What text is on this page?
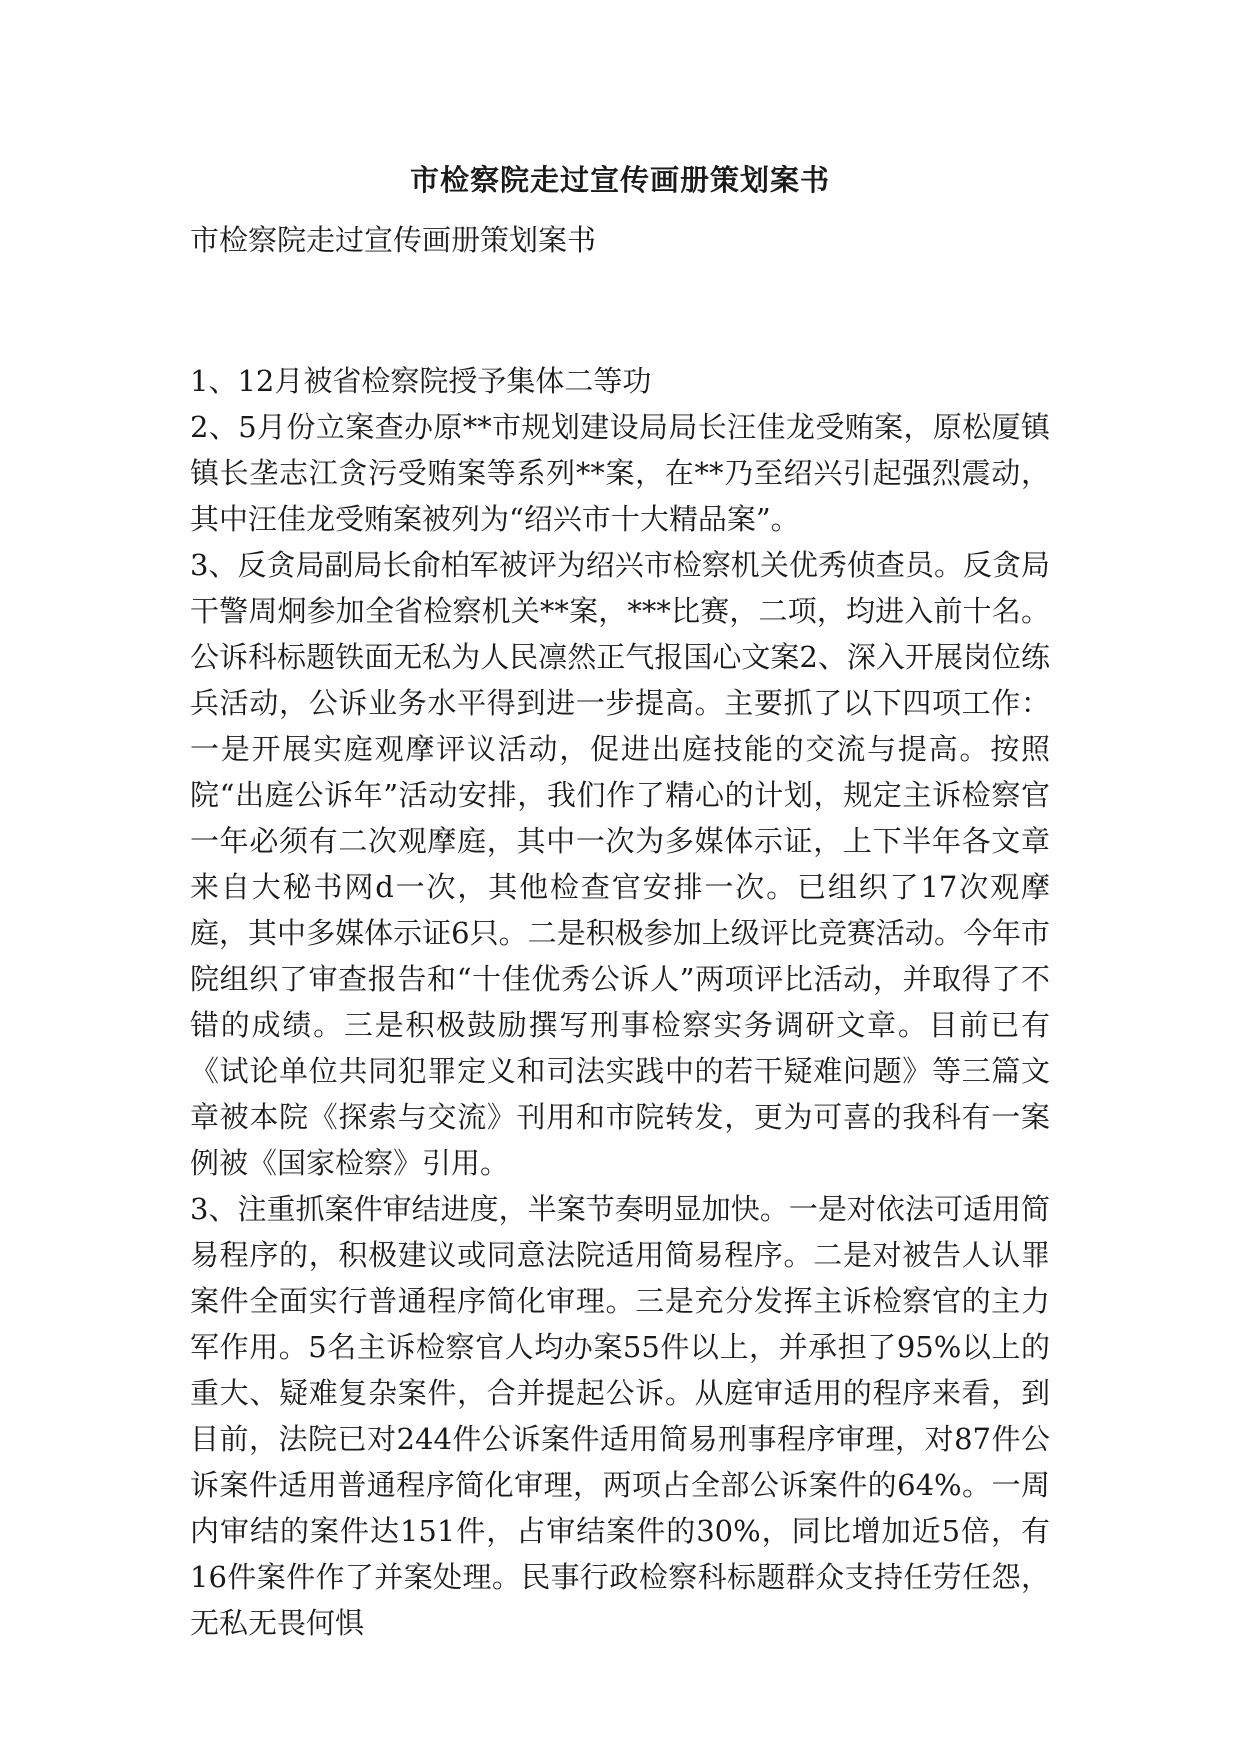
市检察院走过宣传画册策划案书
市检察院走过宣传画册策划案书

1、12月被省检察院授予集体二等功

2、5月份立案查办原**市规划建设局局长汪佳龙受贿案，原松厦镇镇长垄志江贪污受贿案等系列**案，在**乃至绍兴引起强烈震动，其中汪佳龙受贿案被列为“绍兴市十大精品案”。

3、反贪局副局长俞柏军被评为绍兴市检察机关优秀侦查员。反贪局干警周炯参加全省检察机关**案，***比赛，二项，均进入前十名。公诉科标题铁面无私为人民凛然正气报国心文案2、深入开展岗位练兵活动，公诉业务水平得到进一步提高。主要抓了以下四项工作：一是开展实庭观摩评议活动，促进出庭技能的交流与提高。按照院“出庭公诉年”活动安排，我们作了精心的计划，规定主诉检察官一年必须有二次观摩庭，其中一次为多媒体示证，上下半年各文章来自大秘书网d一次，其他检查官安排一次。已组织了17次观摩庭，其中多媒体示证6只。二是积极参加上级评比竞赛活动。今年市院组织了审查报告和“十佳优秀公诉人”两项评比活动，并取得了不错的成绩。三是积极鼓励撰写刑事检察实务调研文章。目前已有《试论单位共同犯罪定义和司法实践中的若干疑难问题》等三篇文章被本院《探索与交流》刊用和市院转发，更为可喜的我科有一案例被《国家检察》引用。

3、注重抓案件审结进度，半案节奏明显加快。一是对依法可适用简易程序的，积极建议或同意法院适用简易程序。二是对被告人认罪案件全面实行普通程序简化审理。三是充分发挥主诉检察官的主力军作用。5名主诉检察官人均办案55件以上，并承担了95%以上的重大、疑难复杂案件，合并提起公诉。从庭审适用的程序来看，到目前，法院已对244件公诉案件适用简易刑事程序审理，对87件公诉案件适用普通程序简化审理，两项占全部公诉案件的64%。一周内审结的案件达151件，占审结案件的30%，同比增加近5倍，有16件案件作了并案处理。民事行政检察科标题群众支持任劳任怨，无私无畏何惧
